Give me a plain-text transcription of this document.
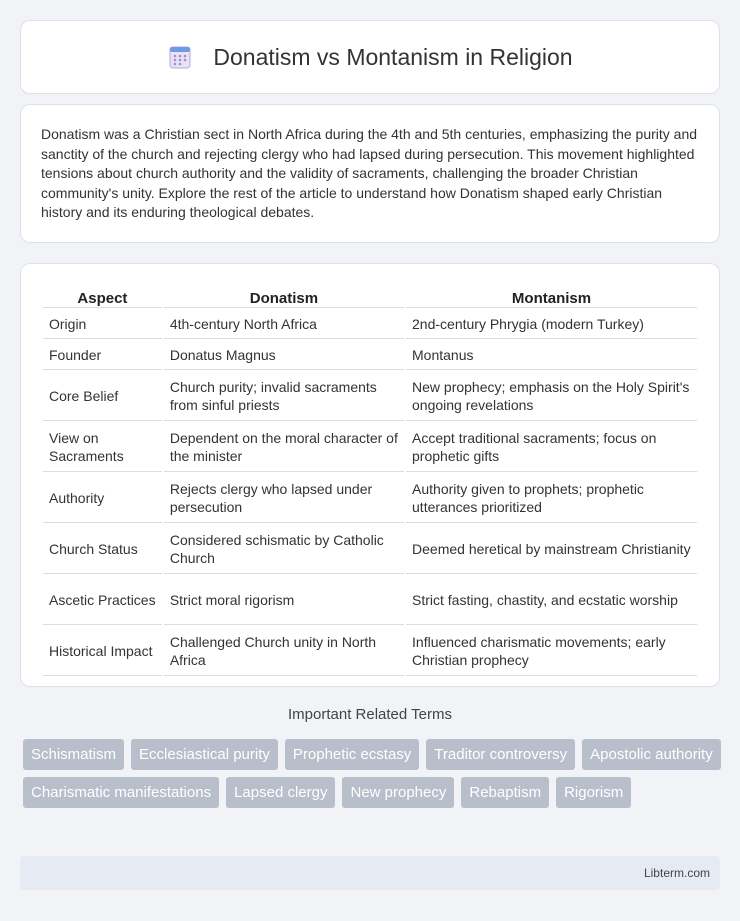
Donatism vs Montanism in Religion

Donatism was a Christian sect in North Africa during the 4th and 5th centuries, emphasizing the purity and sanctity of the church and rejecting clergy who had lapsed during persecution. This movement highlighted tensions about church authority and the validity of sacraments, challenging the broader Christian community's unity. Explore the rest of the article to understand how Donatism shaped early Christian history and its enduring theological debates.

Aspect	Donatism	Montanism
Origin	4th-century North Africa	2nd-century Phrygia (modern Turkey)
Founder	Donatus Magnus	Montanus
Core Belief	Church purity; invalid sacraments from sinful priests	New prophecy; emphasis on the Holy Spirit's ongoing revelations
View on Sacraments	Dependent on the moral character of the minister	Accept traditional sacraments; focus on prophetic gifts
Authority	Rejects clergy who lapsed under persecution	Authority given to prophets; prophetic utterances prioritized
Church Status	Considered schismatic by Catholic Church	Deemed heretical by mainstream Christianity
Ascetic Practices	Strict moral rigorism	Strict fasting, chastity, and ecstatic worship
Historical Impact	Challenged Church unity in North Africa	Influenced charismatic movements; early Christian prophecy
Important Related Terms
Schismatism	Ecclesiastical purity	Prophetic ecstasy	Traditor controversy	Apostolic authority
Charismatic manifestations	Lapsed clergy	New prophecy	Rebaptism	Rigorism
Libterm.com
